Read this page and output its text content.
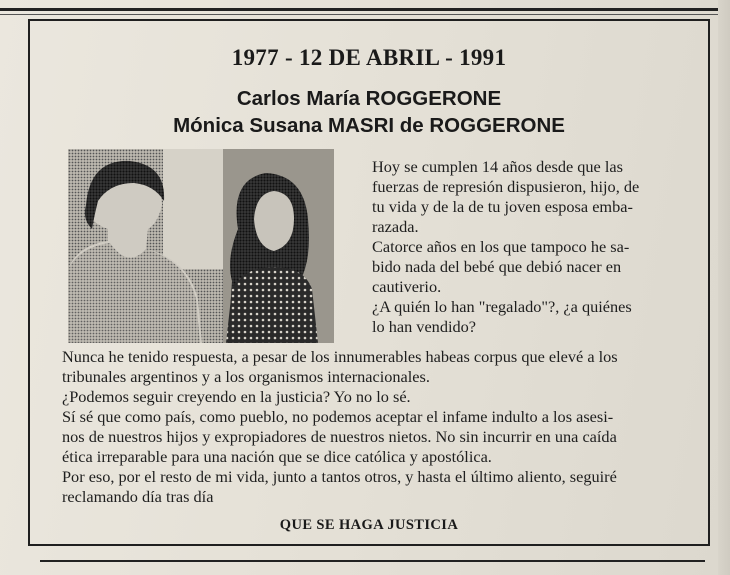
1977 - 12 DE ABRIL - 1991
Carlos María ROGGERONE
Mónica Susana MASRI de ROGGERONE
Hoy se cumplen 14 años desde que las
fuerzas de represión dispusieron, hijo, de
tu vida y de la de tu joven esposa emba-
razada.
Catorce años en los que tampoco he sa-
bido nada del bebé que debió nacer en
cautiverio.
¿A quién lo han "regalado"?, ¿a quiénes
lo han vendido?
Nunca he tenido respuesta, a pesar de los innumerables habeas corpus que elevé a los
tribunales argentinos y a los organismos internacionales.
¿Podemos seguir creyendo en la justicia? Yo no lo sé.
Sí sé que como país, como pueblo, no podemos aceptar el infame indulto a los asesi-
nos de nuestros hijos y expropiadores de nuestros nietos. No sin incurrir en una caída
ética irreparable para una nación que se dice católica y apostólica.
Por eso, por el resto de mi vida, junto a tantos otros, y hasta el último aliento, seguiré
reclamando día tras día
QUE SE HAGA JUSTICIA
